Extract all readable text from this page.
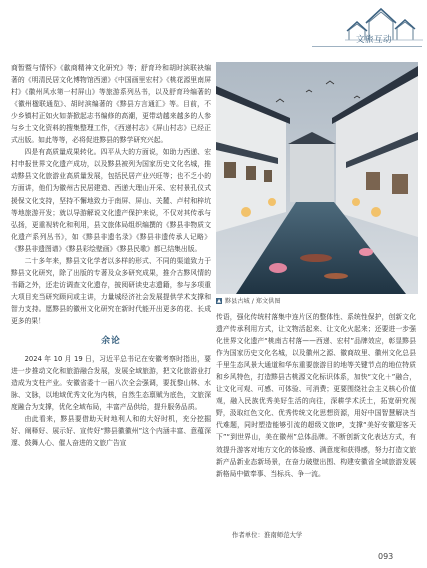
文旅互动

商暂暨与情怀》《歙商精神文化研究》等；舒育玲和胡时滨联袂编著的《明清民居文化博物馆西递》《中国画里宏村》《桃花源里南屏村》《徽州风水第一村屏山》等旅游系列丛书，以及舒育玲编著的《徽州楹联通览》、胡时滨编著的《黟县方言通汇》等。目前，不少乡镇村正如火如荼掀起志书编修的高潮，更带动越来越多的人参与乡土文化资料的搜集整理工作，《西递村志》《屏山村志》已经正式出版。如此等等，必将促进黟县的黟学研究兴起。

四是有高质量成果转化。四平从大的方面说，如助力西递、宏村申报世界文化遗产成功，以及黟县被列为国家历史文化名城，推动黟县文化旅游业高质量发展，包括民居产业兴旺等；也不乏小的方面讲，他们为徽州古民居建造、西递大理山开采、宏村景孔仪式援保文化支持，坚持不懈地致力于南屏、屏山、关麓、卢村和梓坑等地旅游开发；就以导游解说文化遗产保护来说，不仅对其传承与弘扬，更重视转化和利用，县文旅体局组织编撰的《黟县非物质文化遗产系列丛书》，如《黟县非遗名录》《黟县非遗传承人记略》《黟县非遗图谱》《黟县彩绘壁画》《黟县民歌》都已结集出版。

二十多年来，黟县文化学者以多样的形式、不同的渠道致力于黟县文化研究，除了出版的专著及众多研究成果，推介古黟风情的书籍之外，还走访调查文化遗存，披阅研读史志遗籍，参与多项重大项目充当研究顾问或主讲，力量城经济社会发展提供学术支撑和智力支持。愿黟县的徽州文化研究在新时代能开出更多的花、长成更多的果！

余论

2024 年 10 月 19 日，习近平总书记在安徽考察时指出，要进一步推动文化和旅游融合发展，发展全域旅游，把文化旅游业打造成为支柱产业。安徽省委十一届八次全会强调，要抚黎山林、水脉、文脉，以地域优秀文化为内核，自然生态禀赋为底色，文旅深度融合为支撑，优化全域布局，丰富产品供给，提升服务品质。

由此看来，黟县要借助天时地利人和的大好时机，充分挖掘好、阐释好、展示好、宣传好“黟县徽徽州”这个内涵丰富、意蕴深邃、鼓舞人心、催人奋进的文旅广告宣

▲ 黟县古城 / 郑文供图

传语，强化传统村落集中连片区的整体性、系统性保护，创新文化遗产传承利用方式，让文物活起来、让文化火起来；还要进一步强化世界文化遗产“桃南古村落——西递、宏村”品牌效应，彰显黟县作为国家历史文化名城，以及徽州之源、徽商故里、徽州文化总县千里生态风景大通道和华东重要旅游目的地等关键节点的地位特质和乡风特色，打造黟县古桃源文化标识体系，加快“文化＋”融合，让文化可观、可感、可体验、可消费；更要围绕社会主义核心价值观，融入民族优秀美好生活的向往，深耕学术沃土，拓宽研究视野，汲取红色文化、优秀传统文化思想资源，用好中国智慧解决当代难题，同时塑造能够引流的超级文旅IP，支撑“美好安徽迎客天下”“到世界山，美在徽州”总体品牌。不断创新文化表达方式，有效提升游客对地方文化的体验感、满意度和获得感，努力打造文旅新产品新业态新场景，在奋力破壁出围、构建安徽省全域旅游发展新格局中做奉事、当标兵、争一流。

作者单位：淮南师范大学
093
